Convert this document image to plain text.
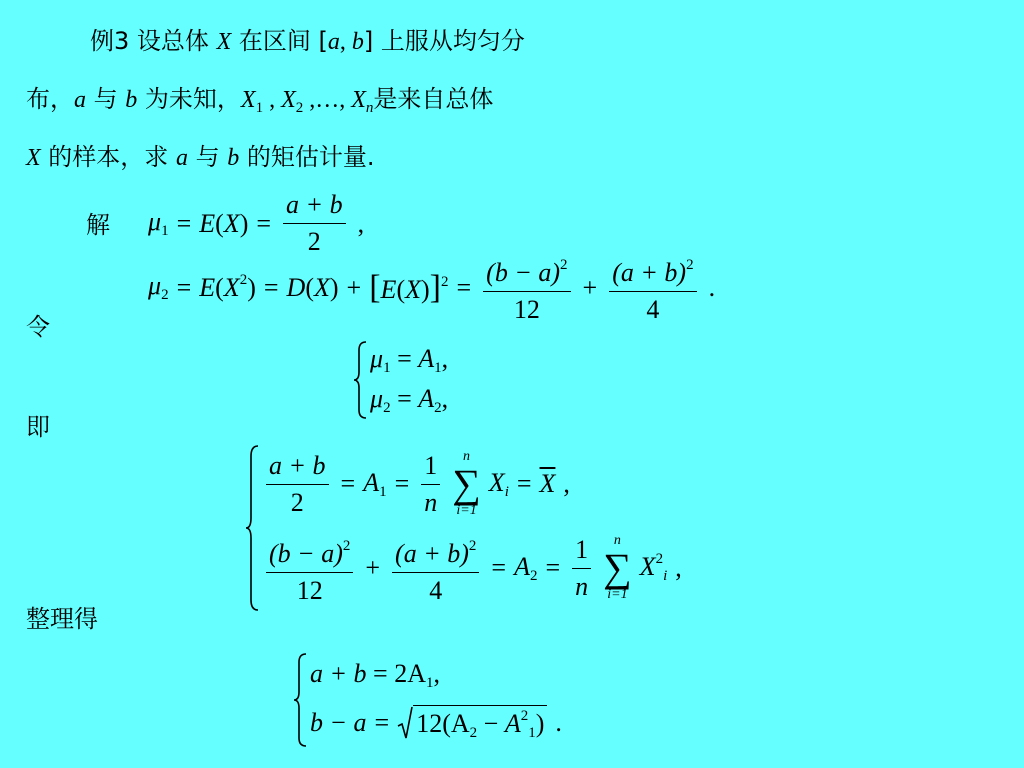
例3 设总体 X 在区间 [a, b] 上服从均匀分
布，a 与 b 为未知，$X_1$ , $X_2$ ,…, $X_n$是来自总体
X 的样本，求 a 与 b 的矩估计量.
解 $\mu_1 = E(X) = \frac{a + b}{2}$ ,
$\mu_2 = E(X^2) = D(X) + [E(X)]^2 = \frac{(b - a)^2}{12} + \frac{(a + b)^2}{4}$ .
令
$\mu_1 = A_1$,
$\mu_2 = A_2$,
即
$\frac{a + b}{2} = A_1 = \frac{1}{n}$ n
∑
i=1
$Xi = \overline{X}$ ,
$\frac{(b - a)^2}{12} + \frac{(a + b)^2}{4} = A_2 = \frac{1}{n}$ n
∑
i=1
$X^2i$ ,
整理得
$a + b = 2A_1$,
$b - a = 12(A_2 - A^2_1)$ .
